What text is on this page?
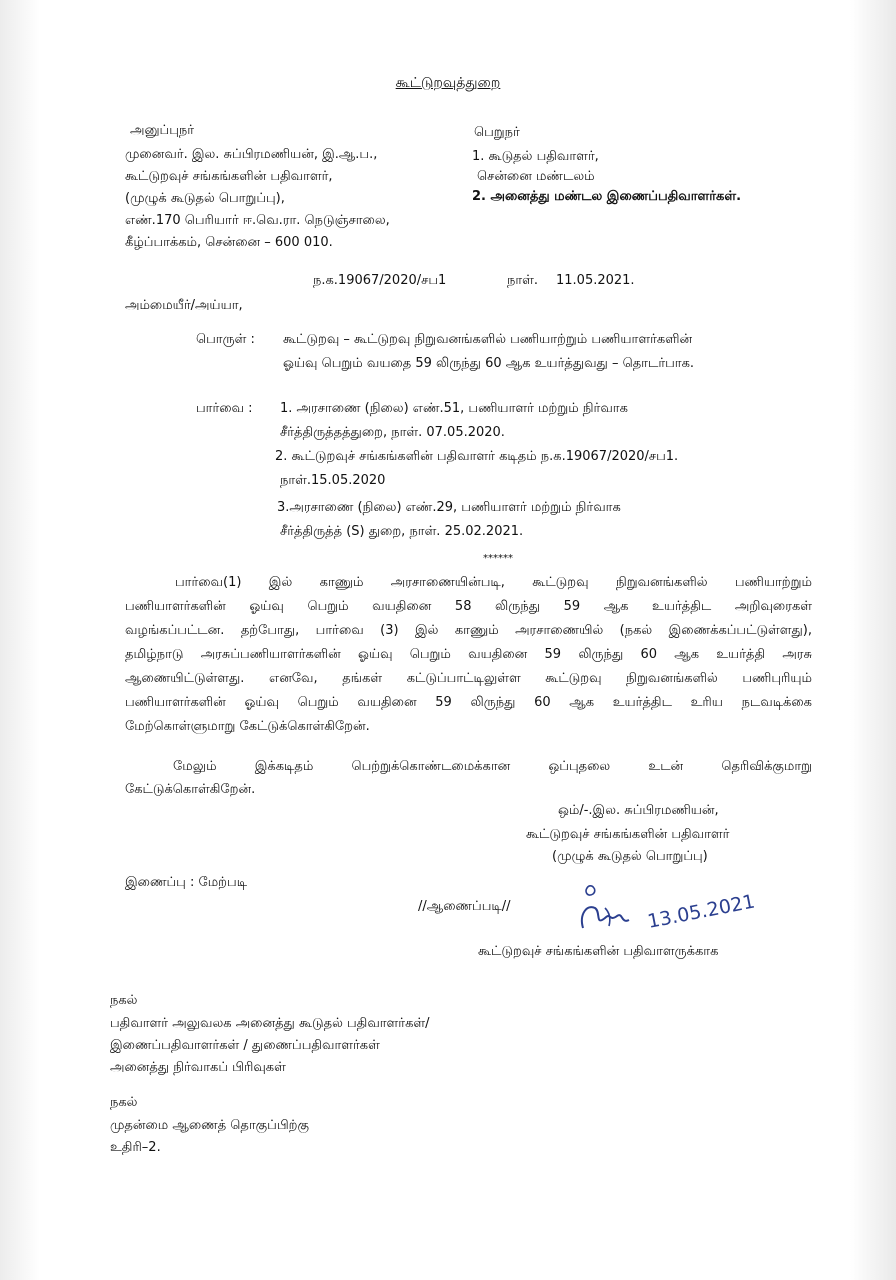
கூட்டுறவுத்துறை
அனுப்புநர்
முனைவர். இல. சுப்பிரமணியன், இ.ஆ.ப.,
கூட்டுறவுச் சங்கங்களின் பதிவாளர்,
(முழுக் கூடுதல் பொறுப்பு),
எண்.170 பெரியார் ஈ.வெ.ரா. நெடுஞ்சாலை,
கீழ்ப்பாக்கம், சென்னை – 600 010.
பெறுநர்
1. கூடுதல் பதிவாளர்,
சென்னை மண்டலம்
2. அனைத்து மண்டல இணைப்பதிவாளர்கள்.
ந.க.19067/2020/சப1	நாள். 11.05.2021.
அம்மையீர்/அய்யா,
பொருள் : கூட்டுறவு – கூட்டுறவு நிறுவனங்களில் பணியாற்றும் பணியாளர்களின்
ஓய்வு பெறும் வயதை 59 லிருந்து 60 ஆக உயர்த்துவது – தொடர்பாக.
பார்வை : 1. அரசாணை (நிலை) எண்.51, பணியாளர் மற்றும் நிர்வாக
சீர்த்திருத்தத்துறை, நாள். 07.05.2020.
2. கூட்டுறவுச் சங்கங்களின் பதிவாளர் கடிதம் ந.க.19067/2020/சப1.
நாள்.15.05.2020
3.அரசாணை (நிலை) எண்.29, பணியாளர் மற்றும் நிர்வாக
சீர்த்திருத்த் (S) துறை, நாள். 25.02.2021.
******
பார்வை(1) இல் காணும் அரசாணையின்படி, கூட்டுறவு நிறுவனங்களில் பணியாற்றும்
பணியாளர்களின் ஓய்வு பெறும் வயதினை 58 லிருந்து 59 ஆக உயர்த்திட அறிவுரைகள்
வழங்கப்பட்டன. தற்போது, பார்வை (3) இல் காணும் அரசாணையில் (நகல் இணைக்கப்பட்டுள்ளது),
தமிழ்நாடு அரசுப்பணியாளர்களின் ஓய்வு பெறும் வயதினை 59 லிருந்து 60 ஆக உயர்த்தி அரசு
ஆணையிட்டுள்ளது. எனவே, தங்கள் கட்டுப்பாட்டிலுள்ள கூட்டுறவு நிறுவனங்களில் பணிபுரியும்
பணியாளர்களின் ஓய்வு பெறும் வயதினை 59 லிருந்து 60 ஆக உயர்த்திட உரிய நடவடிக்கை
மேற்கொள்ளுமாறு கேட்டுக்கொள்கிறேன்.
மேலும் இக்கடிதம் பெற்றுக்கொண்டமைக்கான ஒப்புதலை உடன் தெரிவிக்குமாறு
கேட்டுக்கொள்கிறேன்.
ஒம்/-.இல. சுப்பிரமணியன்,
கூட்டுறவுச் சங்கங்களின் பதிவாளர்
(முழுக் கூடுதல் பொறுப்பு)
இணைப்பு : மேற்படி
//ஆணைப்படி//	13.05.2021
கூட்டுறவுச் சங்கங்களின் பதிவாளருக்காக
நகல்
பதிவாளர் அலுவலக அனைத்து கூடுதல் பதிவாளர்கள்/
இணைப்பதிவாளர்கள் / துணைப்பதிவாளர்கள்
அனைத்து நிர்வாகப் பிரிவுகள்
நகல்
முதன்மை ஆணைத் தொகுப்பிற்கு
உதிரி–2.
